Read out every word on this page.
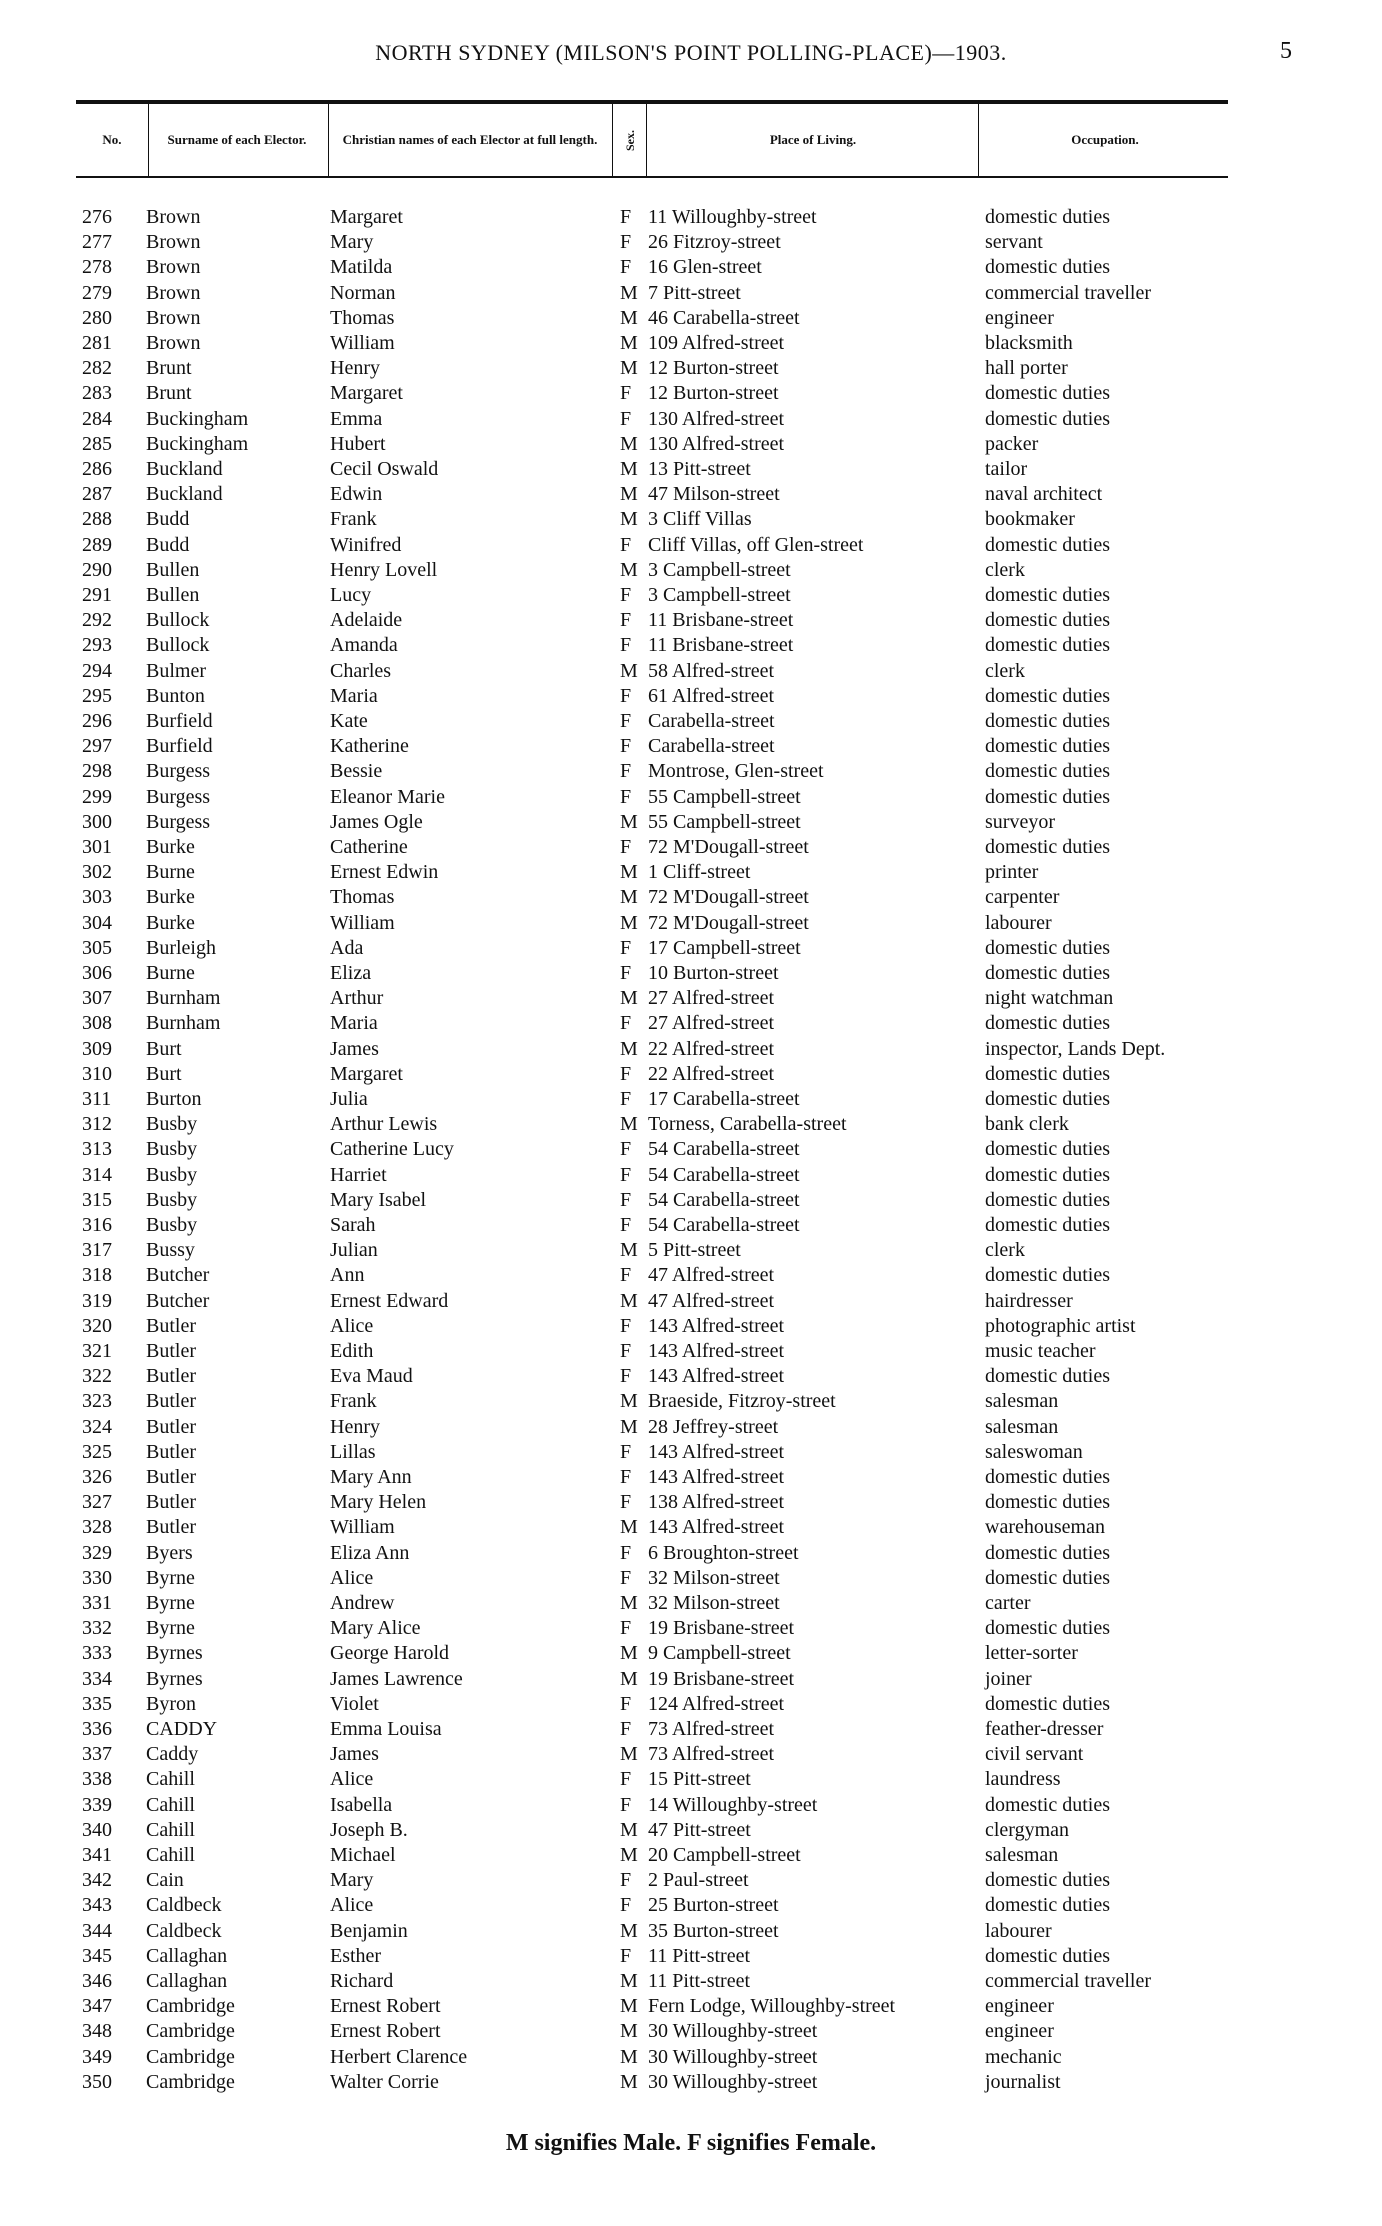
NORTH SYDNEY (MILSON'S POINT POLLING-PLACE)—1903.	5
No.	Surname of each Elector.	Christian names of each Elector at full length.	Sex.	Place of Living.	Occupation.
276 Brown	Margaret	F 11 Willoughby-street	domestic duties
277 Brown	Mary	F 26 Fitzroy-street	servant
278 Brown	Matilda	F 16 Glen-street	domestic duties
279 Brown	Norman	M 7 Pitt-street	commercial traveller
280 Brown	Thomas	M 46 Carabella-street	engineer
281 Brown	William	M 109 Alfred-street	blacksmith
282 Brunt	Henry	M 12 Burton-street	hall porter
283 Brunt	Margaret	F 12 Burton-street	domestic duties
284 Buckingham	Emma	F 130 Alfred-street	domestic duties
285 Buckingham	Hubert	M 130 Alfred-street	packer
286 Buckland	Cecil Oswald	M 13 Pitt-street	tailor
287 Buckland	Edwin	M 47 Milson-street	naval architect
288 Budd	Frank	M 3 Cliff Villas	bookmaker
289 Budd	Winifred	F Cliff Villas, off Glen-street	domestic duties
290 Bullen	Henry Lovell	M 3 Campbell-street	clerk
291 Bullen	Lucy	F 3 Campbell-street	domestic duties
292 Bullock	Adelaide	F 11 Brisbane-street	domestic duties
293 Bullock	Amanda	F 11 Brisbane-street	domestic duties
294 Bulmer	Charles	M 58 Alfred-street	clerk
295 Bunton	Maria	F 61 Alfred-street	domestic duties
296 Burfield	Kate	F Carabella-street	domestic duties
297 Burfield	Katherine	F Carabella-street	domestic duties
298 Burgess	Bessie	F Montrose, Glen-street	domestic duties
299 Burgess	Eleanor Marie	F 55 Campbell-street	domestic duties
300 Burgess	James Ogle	M 55 Campbell-street	surveyor
301 Burke	Catherine	F 72 M'Dougall-street	domestic duties
302 Burne	Ernest Edwin	M 1 Cliff-street	printer
303 Burke	Thomas	M 72 M'Dougall-street	carpenter
304 Burke	William	M 72 M'Dougall-street	labourer
305 Burleigh	Ada	F 17 Campbell-street	domestic duties
306 Burne	Eliza	F 10 Burton-street	domestic duties
307 Burnham	Arthur	M 27 Alfred-street	night watchman
308 Burnham	Maria	F 27 Alfred-street	domestic duties
309 Burt	James	M 22 Alfred-street	inspector, Lands Dept.
310 Burt	Margaret	F 22 Alfred-street	domestic duties
311 Burton	Julia	F 17 Carabella-street	domestic duties
312 Busby	Arthur Lewis	M Torness, Carabella-street	bank clerk
313 Busby	Catherine Lucy	F 54 Carabella-street	domestic duties
314 Busby	Harriet	F 54 Carabella-street	domestic duties
315 Busby	Mary Isabel	F 54 Carabella-street	domestic duties
316 Busby	Sarah	F 54 Carabella-street	domestic duties
317 Bussy	Julian	M 5 Pitt-street	clerk
318 Butcher	Ann	F 47 Alfred-street	domestic duties
319 Butcher	Ernest Edward	M 47 Alfred-street	hairdresser
320 Butler	Alice	F 143 Alfred-street	photographic artist
321 Butler	Edith	F 143 Alfred-street	music teacher
322 Butler	Eva Maud	F 143 Alfred-street	domestic duties
323 Butler	Frank	M Braeside, Fitzroy-street	salesman
324 Butler	Henry	M 28 Jeffrey-street	salesman
325 Butler	Lillas	F 143 Alfred-street	saleswoman
326 Butler	Mary Ann	F 143 Alfred-street	domestic duties
327 Butler	Mary Helen	F 138 Alfred-street	domestic duties
328 Butler	William	M 143 Alfred-street	warehouseman
329 Byers	Eliza Ann	F 6 Broughton-street	domestic duties
330 Byrne	Alice	F 32 Milson-street	domestic duties
331 Byrne	Andrew	M 32 Milson-street	carter
332 Byrne	Mary Alice	F 19 Brisbane-street	domestic duties
333 Byrnes	George Harold	M 9 Campbell-street	letter-sorter
334 Byrnes	James Lawrence	M 19 Brisbane-street	joiner
335 Byron	Violet	F 124 Alfred-street	domestic duties
336 CADDY	Emma Louisa	F 73 Alfred-street	feather-dresser
337 Caddy	James	M 73 Alfred-street	civil servant
338 Cahill	Alice	F 15 Pitt-street	laundress
339 Cahill	Isabella	F 14 Willoughby-street	domestic duties
340 Cahill	Joseph B.	M 47 Pitt-street	clergyman
341 Cahill	Michael	M 20 Campbell-street	salesman
342 Cain	Mary	F 2 Paul-street	domestic duties
343 Caldbeck	Alice	F 25 Burton-street	domestic duties
344 Caldbeck	Benjamin	M 35 Burton-street	labourer
345 Callaghan	Esther	F 11 Pitt-street	domestic duties
346 Callaghan	Richard	M 11 Pitt-street	commercial traveller
347 Cambridge	Ernest Robert	M Fern Lodge, Willoughby-street	engineer
348 Cambridge	Ernest Robert	M 30 Willoughby-street	engineer
349 Cambridge	Herbert Clarence	M 30 Willoughby-street	mechanic
350 Cambridge	Walter Corrie	M 30 Willoughby-street	journalist
M signifies Male. F signifies Female.
